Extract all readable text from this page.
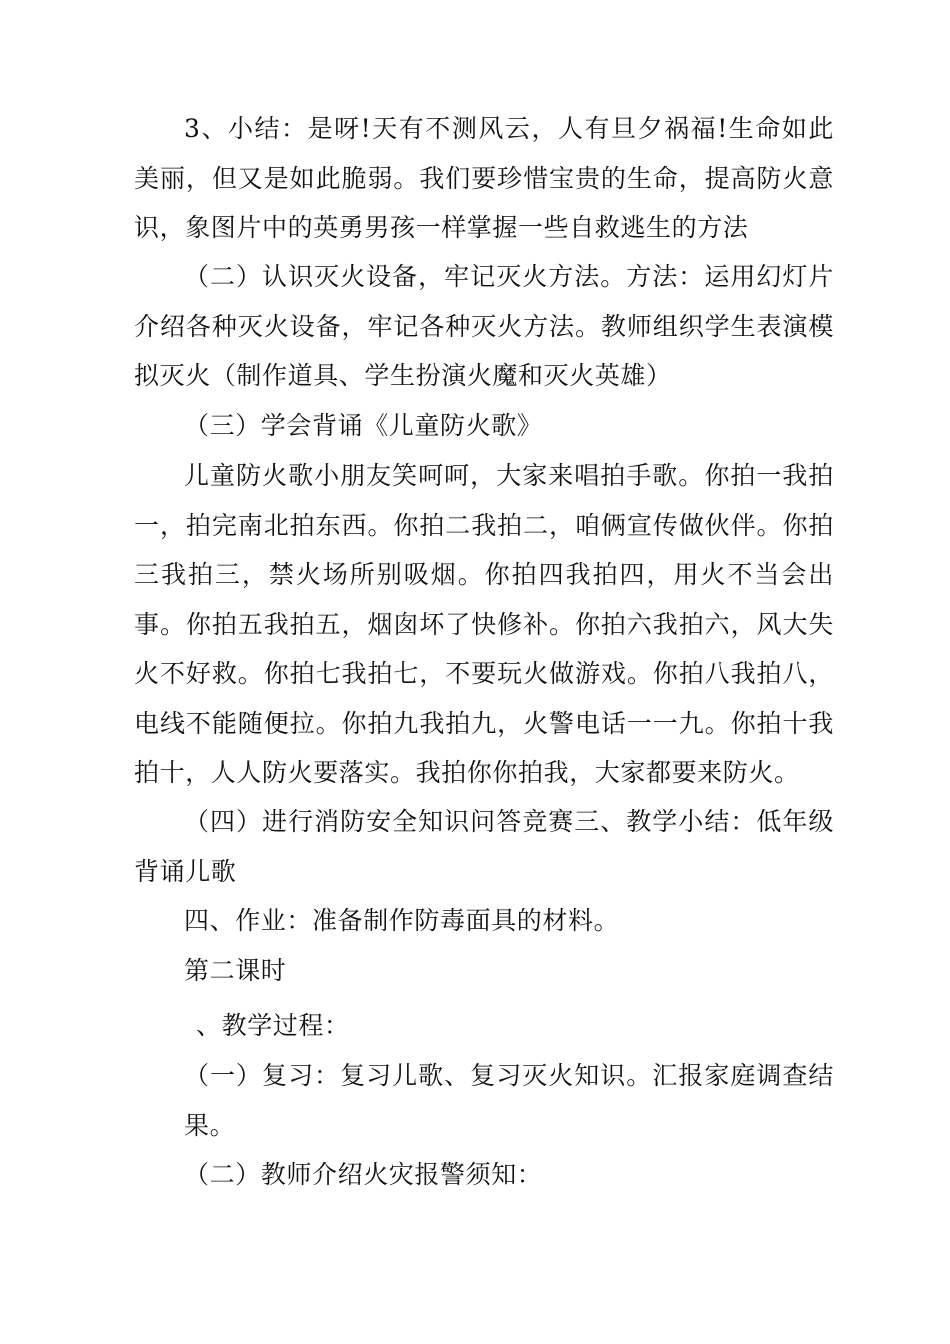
3、小结：是呀!天有不测风云，人有旦夕祸福!生命如此美丽，但又是如此脆弱。我们要珍惜宝贵的生命，提高防火意识，象图片中的英勇男孩一样掌握一些自救逃生的方法

（二）认识灭火设备，牢记灭火方法。方法：运用幻灯片介绍各种灭火设备，牢记各种灭火方法。教师组织学生表演模拟灭火（制作道具、学生扮演火魔和灭火英雄）

（三）学会背诵《儿童防火歌》

儿童防火歌小朋友笑呵呵，大家来唱拍手歌。你拍一我拍一，拍完南北拍东西。你拍二我拍二，咱俩宣传做伙伴。你拍三我拍三，禁火场所别吸烟。你拍四我拍四，用火不当会出事。你拍五我拍五，烟囱坏了快修补。你拍六我拍六，风大失火不好救。你拍七我拍七，不要玩火做游戏。你拍八我拍八，电线不能随便拉。你拍九我拍九，火警电话一一九。你拍十我拍十，人人防火要落实。我拍你你拍我，大家都要来防火。

（四）进行消防安全知识问答竞赛三、教学小结：低年级背诵儿歌

四、作业：准备制作防毒面具的材料。

第二课时

、教学过程：

（一）复习：复习儿歌、复习灭火知识。汇报家庭调查结果。

（二）教师介绍火灾报警须知：
